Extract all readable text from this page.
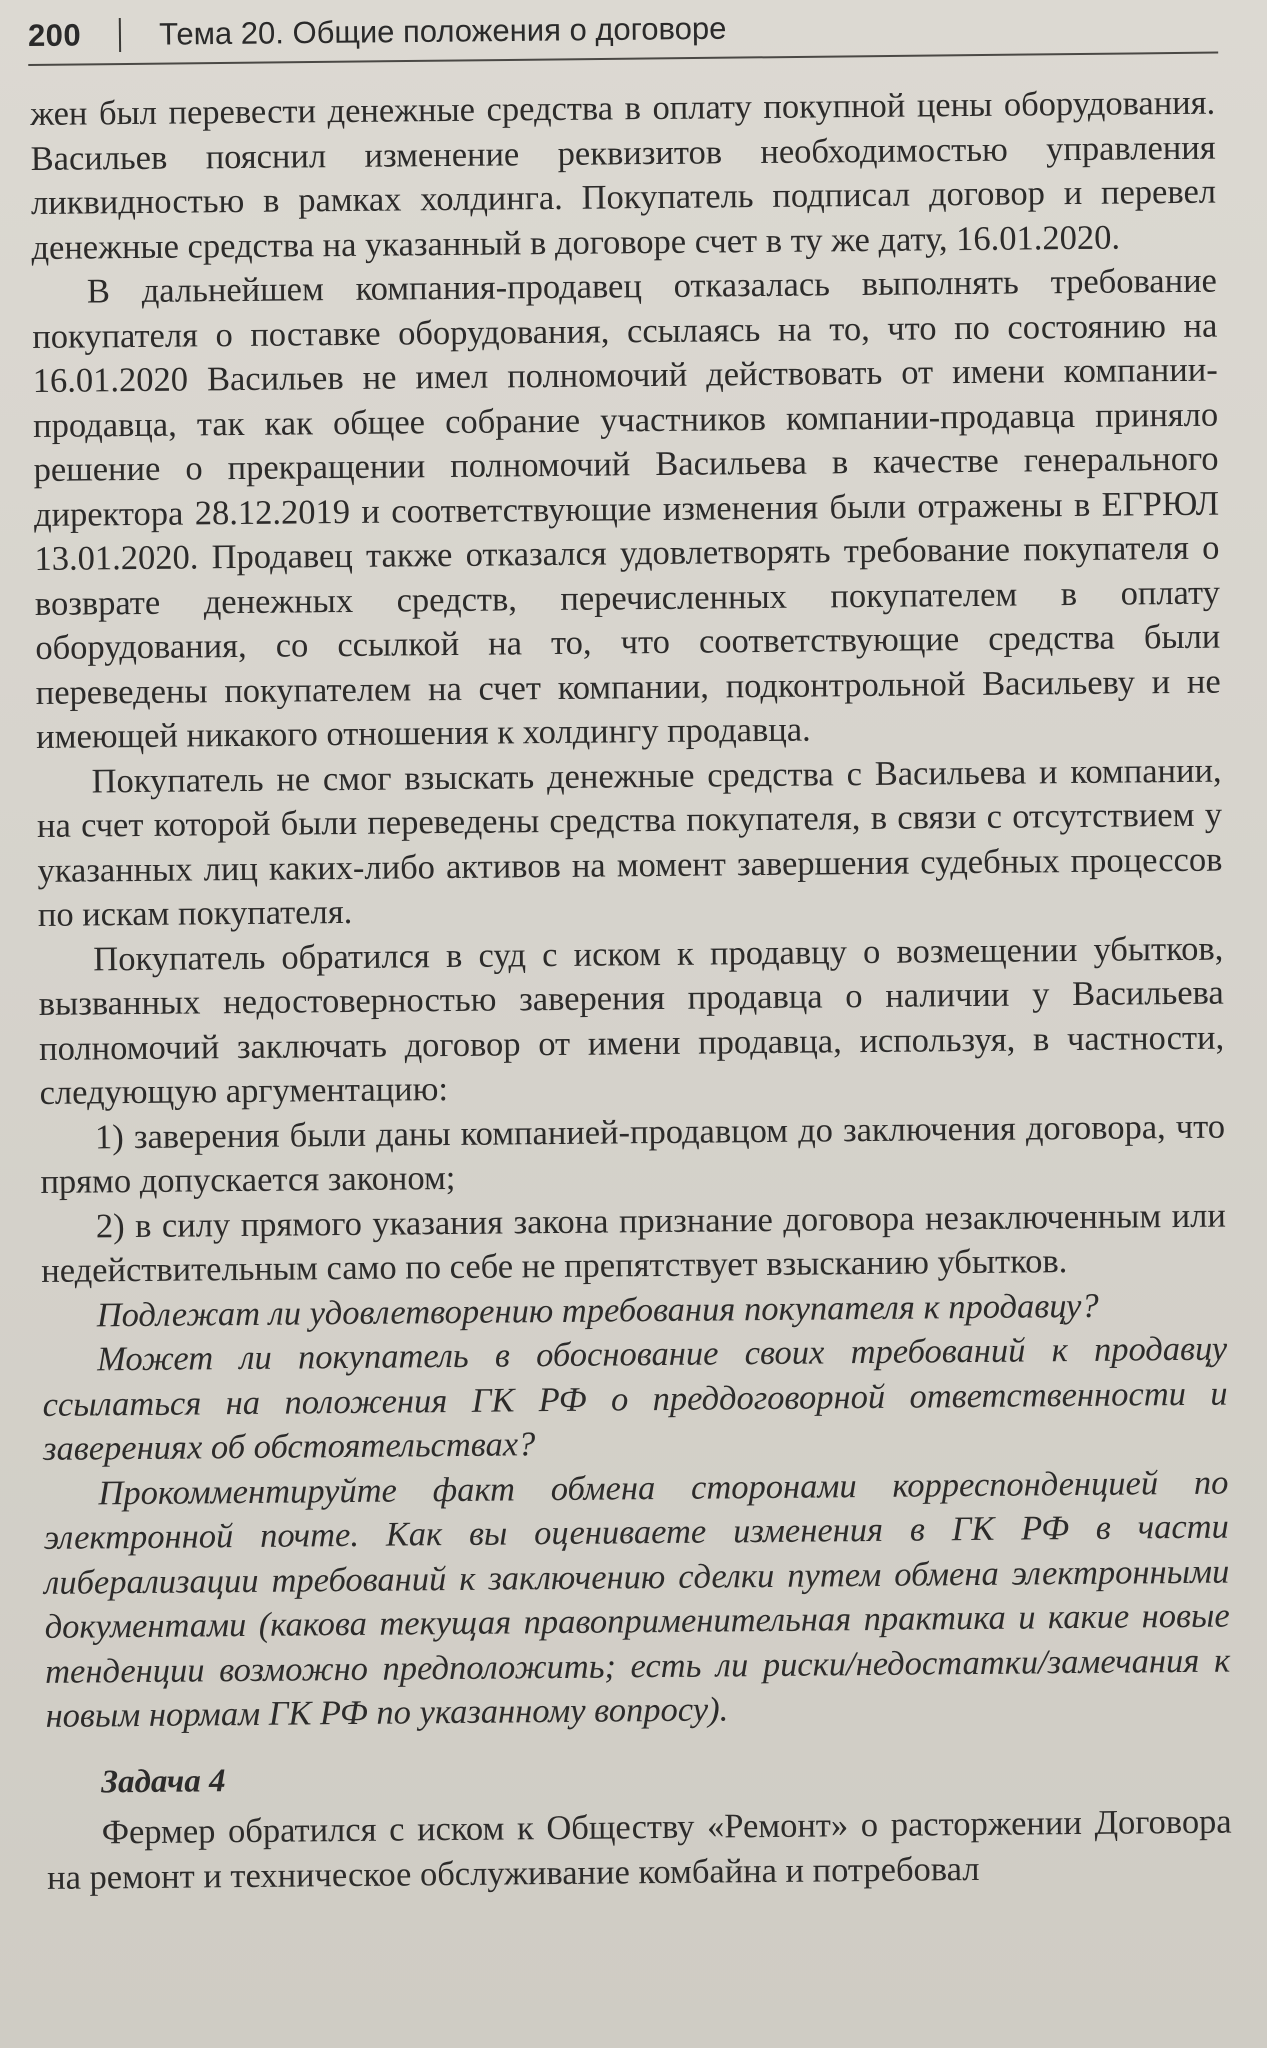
200	Тема 20. Общие положения о договоре

жен был перевести денежные средства в оплату покупной цены оборудования. Васильев пояснил изменение реквизитов необходимостью управления ликвидностью в рамках холдинга. Покупатель подписал договор и перевел денежные средства на указанный в договоре счет в ту же дату, 16.01.2020.

В дальнейшем компания-продавец отказалась выполнять требование покупателя о поставке оборудования, ссылаясь на то, что по состоянию на 16.01.2020 Васильев не имел полномочий действовать от имени компании-продавца, так как общее собрание участников компании-продавца приняло решение о прекращении полномочий Васильева в качестве генерального директора 28.12.2019 и соответствующие изменения были отражены в ЕГРЮЛ 13.01.2020. Продавец также отказался удовлетворять требование покупателя о возврате денежных средств, перечисленных покупателем в оплату оборудования, со ссылкой на то, что соответствующие средства были переведены покупателем на счет компании, подконтрольной Васильеву и не имеющей никакого отношения к холдингу продавца.

Покупатель не смог взыскать денежные средства с Васильева и компании, на счет которой были переведены средства покупателя, в связи с отсутствием у указанных лиц каких-либо активов на момент завершения судебных процессов по искам покупателя.

Покупатель обратился в суд с иском к продавцу о возмещении убытков, вызванных недостоверностью заверения продавца о наличии у Васильева полномочий заключать договор от имени продавца, используя, в частности, следующую аргументацию:

1) заверения были даны компанией-продавцом до заключения договора, что прямо допускается законом;

2) в силу прямого указания закона признание договора незаключенным или недействительным само по себе не препятствует взысканию убытков.

Подлежат ли удовлетворению требования покупателя к продавцу?

Может ли покупатель в обоснование своих требований к продавцу ссылаться на положения ГК РФ о преддоговорной ответственности и заверениях об обстоятельствах?

Прокомментируйте факт обмена сторонами корреспонденцией по электронной почте. Как вы оцениваете изменения в ГК РФ в части либерализации требований к заключению сделки путем обмена электронными документами (какова текущая правоприменительная практика и какие новые тенденции возможно предположить; есть ли риски/недостатки/замечания к новым нормам ГК РФ по указанному вопросу).

Задача 4

Фермер обратился с иском к Обществу «Ремонт» о расторжении Договора на ремонт и техническое обслуживание комбайна и потребовал
